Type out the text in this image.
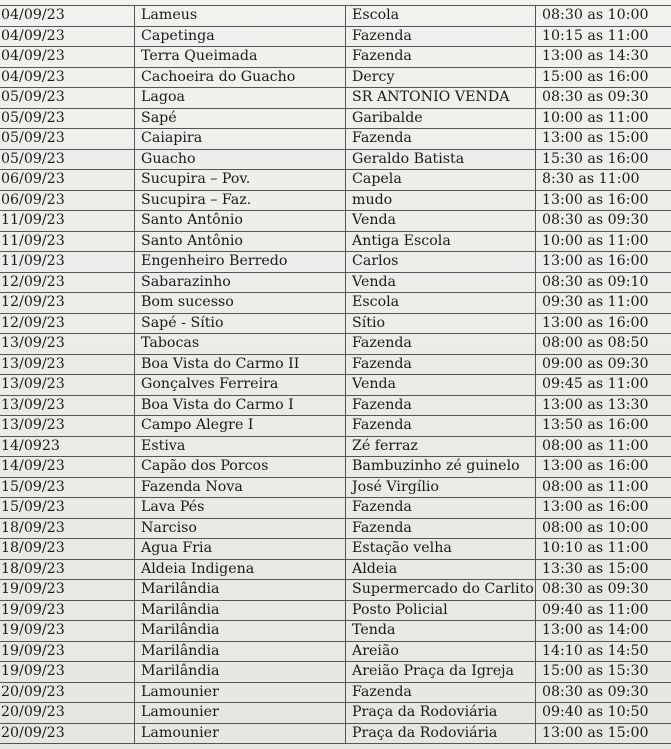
04/09/23	Lameus	Escola	08:30 as 10:00
04/09/23	Capetinga	Fazenda	10:15 as 11:00
04/09/23	Terra Queimada	Fazenda	13:00 as 14:30
04/09/23	Cachoeira do Guacho	Dercy	15:00 as 16:00
05/09/23	Lagoa	SR ANTONIO VENDA	08:30 as 09:30
05/09/23	Sapé	Garibalde	10:00 as 11:00
05/09/23	Caiapira	Fazenda	13:00 as 15:00
05/09/23	Guacho	Geraldo Batista	15:30 as 16:00
06/09/23	Sucupira – Pov.	Capela	8:30 as 11:00
06/09/23	Sucupira – Faz.	mudo	13:00 as 16:00
11/09/23	Santo Antônio	Venda	08:30 as 09:30
11/09/23	Santo Antônio	Antiga Escola	10:00 as 11:00
11/09/23	Engenheiro Berredo	Carlos	13:00 as 16:00
12/09/23	Sabarazinho	Venda	08:30 as 09:10
12/09/23	Bom sucesso	Escola	09:30 as 11:00
12/09/23	Sapé - Sítio	Sítio	13:00 as 16:00
13/09/23	Tabocas	Fazenda	08:00 as 08:50
13/09/23	Boa Vista do Carmo II	Fazenda	09:00 as 09:30
13/09/23	Gonçalves Ferreira	Venda	09:45 as 11:00
13/09/23	Boa Vista do Carmo I	Fazenda	13:00 as 13:30
13/09/23	Campo Alegre I	Fazenda	13:50 as 16:00
14/0923	Estiva	Zé ferraz	08:00 as 11:00
14/09/23	Capão dos Porcos	Bambuzinho zé guinelo	13:00 as 16:00
15/09/23	Fazenda Nova	José Virgílio	08:00 as 11:00
15/09/23	Lava Pés	Fazenda	13:00 as 16:00
18/09/23	Narciso	Fazenda	08:00 as 10:00
18/09/23	Agua Fria	Estação velha	10:10 as 11:00
18/09/23	Aldeia Indigena	Aldeia	13:30 as 15:00
19/09/23	Marilândia	Supermercado do Carlito	08:30 as 09:30
19/09/23	Marilândia	Posto Policial	09:40 as 11:00
19/09/23	Marilândia	Tenda	13:00 as 14:00
19/09/23	Marilândia	Areião	14:10 as 14:50
19/09/23	Marilândia	Areião Praça da Igreja	15:00 as 15:30
20/09/23	Lamounier	Fazenda	08:30 as 09:30
20/09/23	Lamounier	Praça da Rodoviária	09:40 as 10:50
20/09/23	Lamounier	Praça da Rodoviária	13:00 as 15:00
